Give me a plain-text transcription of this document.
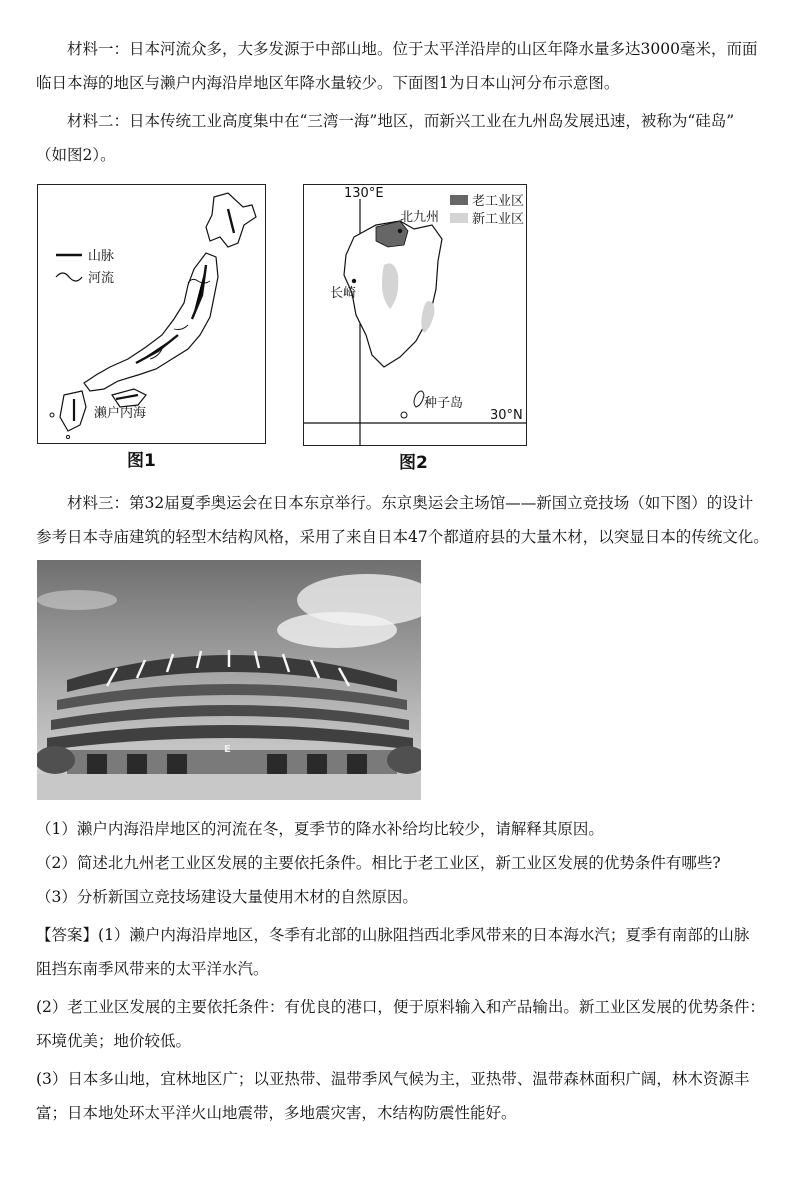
材料一：日本河流众多，大多发源于中部山地。位于太平洋沿岸的山区年降水量多达3000毫米，而面
临日本海的地区与濑户内海沿岸地区年降水量较少。下面图1为日本山河分布示意图。
材料二：日本传统工业高度集中在“三湾一海”地区，而新兴工业在九州岛发展迅速，被称为“硅岛”
（如图2）。
山脉
河流
濑户内海
图1
130°E
30°N
北九州
长崎
种子岛
老工业区
新工业区
图2
材料三：第32届夏季奥运会在日本东京举行。东京奥运会主场馆——新国立竞技场（如下图）的设计
参考日本寺庙建筑的轻型木结构风格，采用了来自日本47个都道府县的大量木材，以突显日本的传统文化。
E
（1）濑户内海沿岸地区的河流在冬，夏季节的降水补给均比较少，请解释其原因。
（2）简述北九州老工业区发展的主要依托条件。相比于老工业区，新工业区发展的优势条件有哪些?
（3）分析新国立竞技场建设大量使用木材的自然原因。
【答案】(1）濑户内海沿岸地区，冬季有北部的山脉阻挡西北季风带来的日本海水汽；夏季有南部的山脉
阻挡东南季风带来的太平洋水汽。
(2）老工业区发展的主要依托条件：有优良的港口，便于原料输入和产品输出。新工业区发展的优势条件：
环境优美；地价较低。
(3）日本多山地，宜林地区广；以亚热带、温带季风气候为主，亚热带、温带森林面积广阔，林木资源丰
富；日本地处环太平洋火山地震带，多地震灾害，木结构防震性能好。
